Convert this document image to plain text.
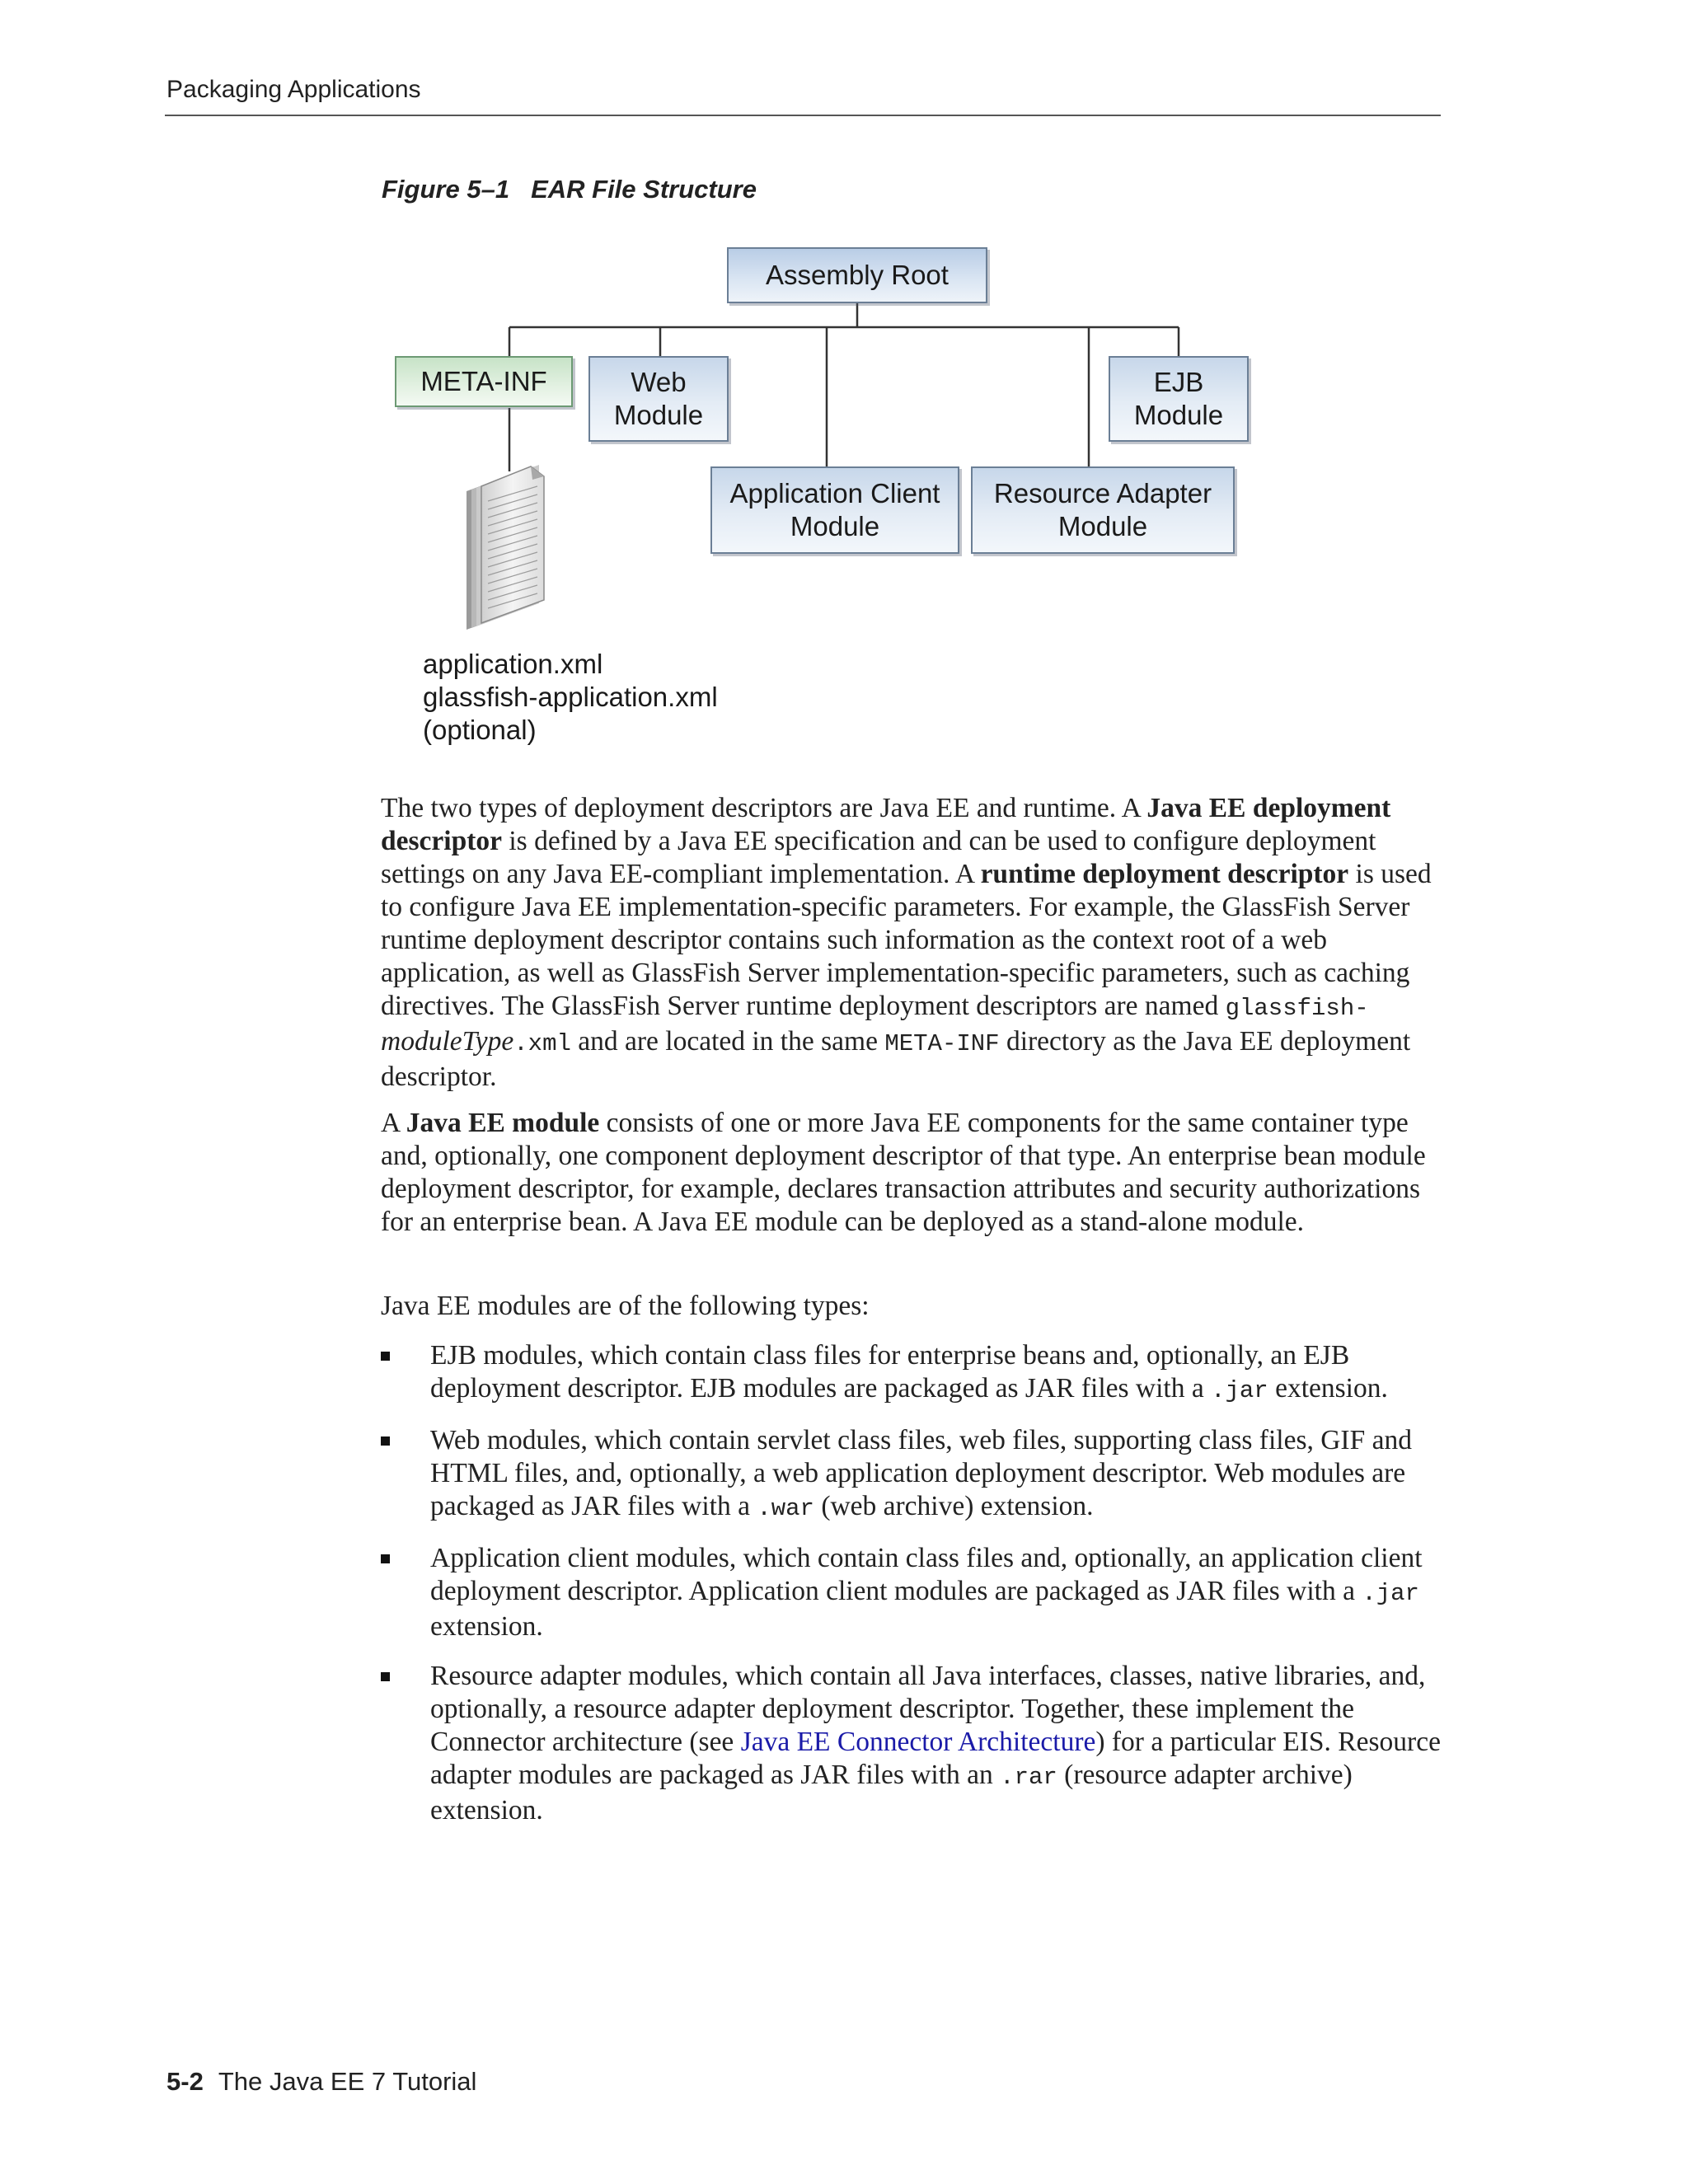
Packaging Applications
Figure 5–1 EAR File Structure
Assembly Root
META-INF	Web
Module
EJB
Module
Application Client
Module
Resource Adapter
Module
application.xml
glassfish-application.xml
(optional)

The two types of deployment descriptors are Java EE and runtime. A Java EE deployment descriptor is defined by a Java EE specification and can be used to configure deployment settings on any Java EE-compliant implementation. A runtime deployment descriptor is used to configure Java EE implementation-specific parameters. For example, the GlassFish Server runtime deployment descriptor contains such information as the context root of a web application, as well as GlassFish Server implementation-specific parameters, such as caching directives. The GlassFish Server runtime deployment descriptors are named glassfish-moduleType.xml and are located in the same META-INF directory as the Java EE deployment descriptor.

A Java EE module consists of one or more Java EE components for the same container type and, optionally, one component deployment descriptor of that type. An enterprise bean module deployment descriptor, for example, declares transaction attributes and security authorizations for an enterprise bean. A Java EE module can be deployed as a stand-alone module.

Java EE modules are of the following types:

EJB modules, which contain class files for enterprise beans and, optionally, an EJB deployment descriptor. EJB modules are packaged as JAR files with a .jar extension.
Web modules, which contain servlet class files, web files, supporting class files, GIF and HTML files, and, optionally, a web application deployment descriptor. Web modules are packaged as JAR files with a .war (web archive) extension.
Application client modules, which contain class files and, optionally, an application client deployment descriptor. Application client modules are packaged as JAR files with a .jar extension.
Resource adapter modules, which contain all Java interfaces, classes, native libraries, and, optionally, a resource adapter deployment descriptor. Together, these implement the Connector architecture (see Java EE Connector Architecture) for a particular EIS. Resource adapter modules are packaged as JAR files with an .rar (resource adapter archive) extension.
5-2 The Java EE 7 Tutorial
